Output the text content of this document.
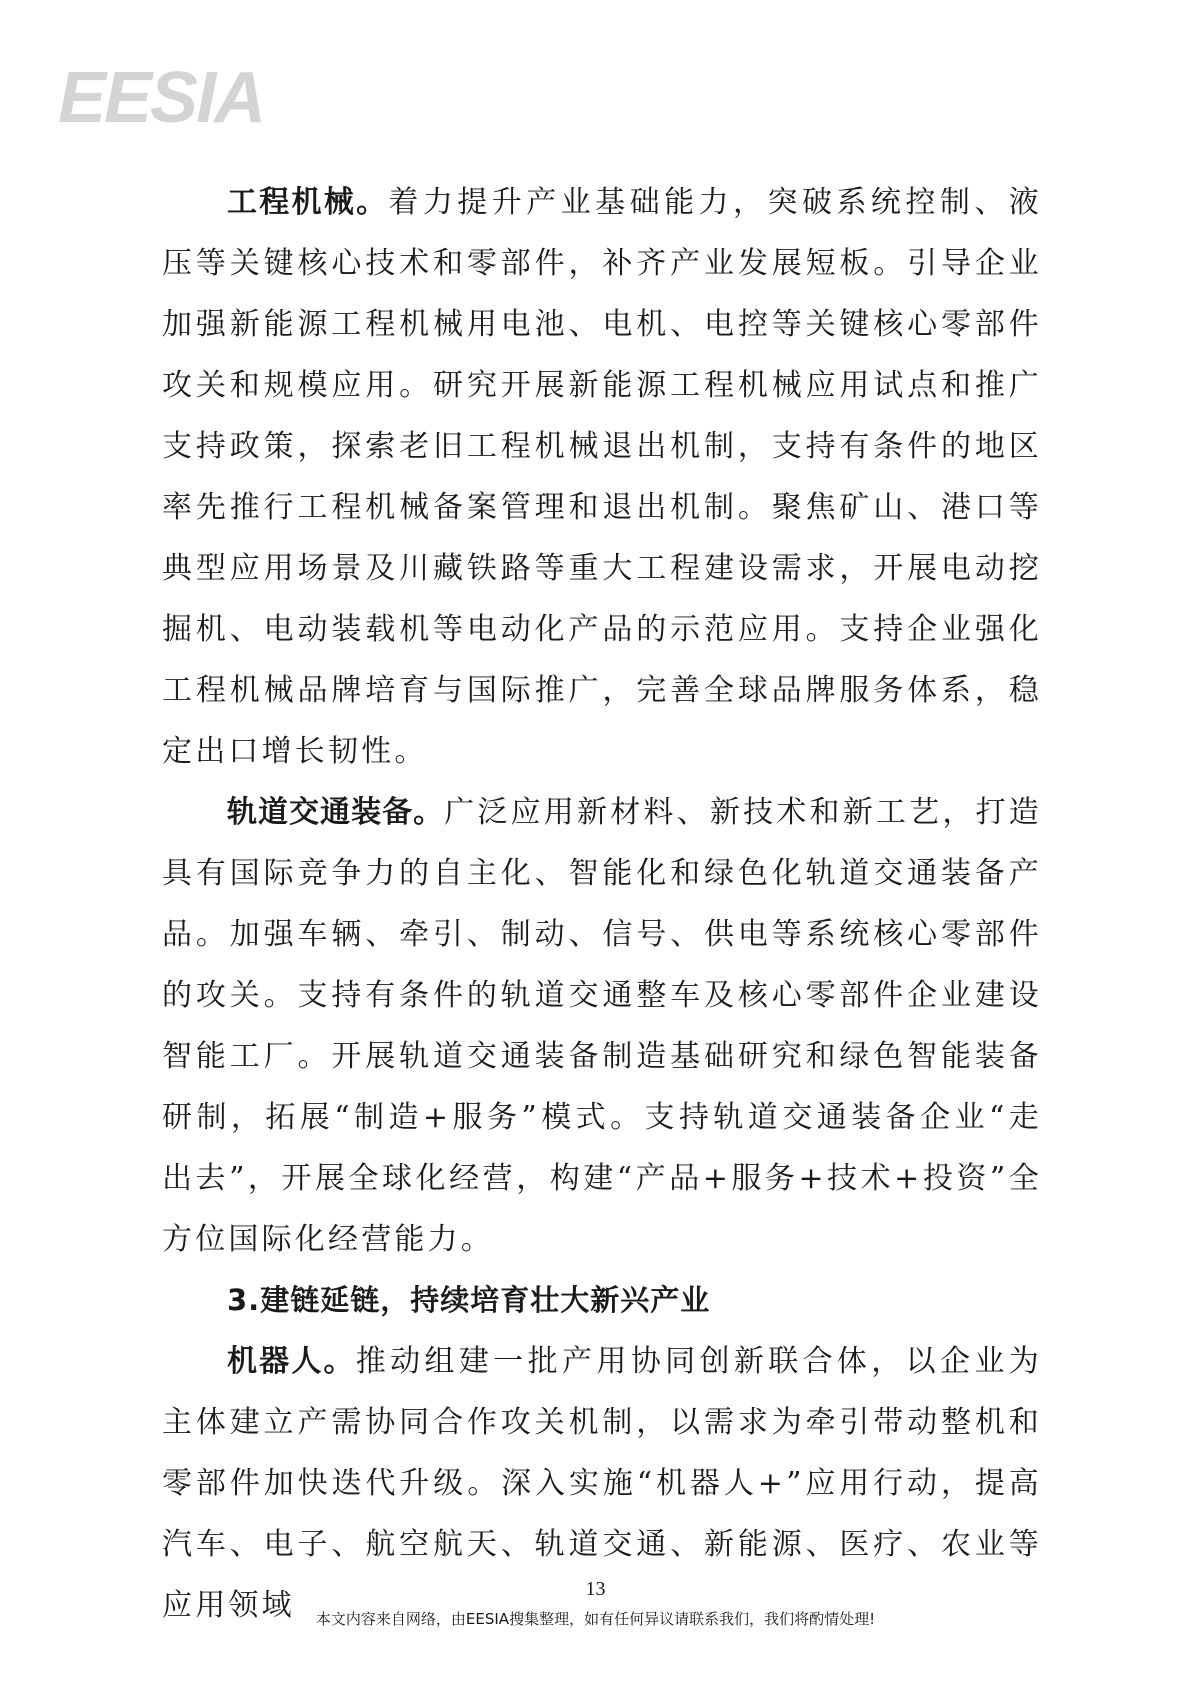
EESIA

工程机械。着力提升产业基础能力，突破系统控制、液压等关键核心技术和零部件，补齐产业发展短板。引导企业加强新能源工程机械用电池、电机、电控等关键核心零部件攻关和规模应用。研究开展新能源工程机械应用试点和推广支持政策，探索老旧工程机械退出机制，支持有条件的地区率先推行工程机械备案管理和退出机制。聚焦矿山、港口等典型应用场景及川藏铁路等重大工程建设需求，开展电动挖掘机、电动装载机等电动化产品的示范应用。支持企业强化工程机械品牌培育与国际推广，完善全球品牌服务体系，稳定出口增长韧性。

轨道交通装备。广泛应用新材料、新技术和新工艺，打造具有国际竞争力的自主化、智能化和绿色化轨道交通装备产品。加强车辆、牵引、制动、信号、供电等系统核心零部件的攻关。支持有条件的轨道交通整车及核心零部件企业建设智能工厂。开展轨道交通装备制造基础研究和绿色智能装备研制，拓展“制造+服务”模式。支持轨道交通装备企业“走出去”，开展全球化经营，构建“产品+服务+技术+投资”全方位国际化经营能力。

3.建链延链，持续培育壮大新兴产业

机器人。推动组建一批产用协同创新联合体，以企业为主体建立产需协同合作攻关机制，以需求为牵引带动整机和零部件加快迭代升级。深入实施“机器人+”应用行动，提高汽车、电子、航空航天、轨道交通、新能源、医疗、农业等应用领域	13
本文内容来自网络，由EESIA搜集整理，如有任何异议请联系我们，我们将酌情处理!
